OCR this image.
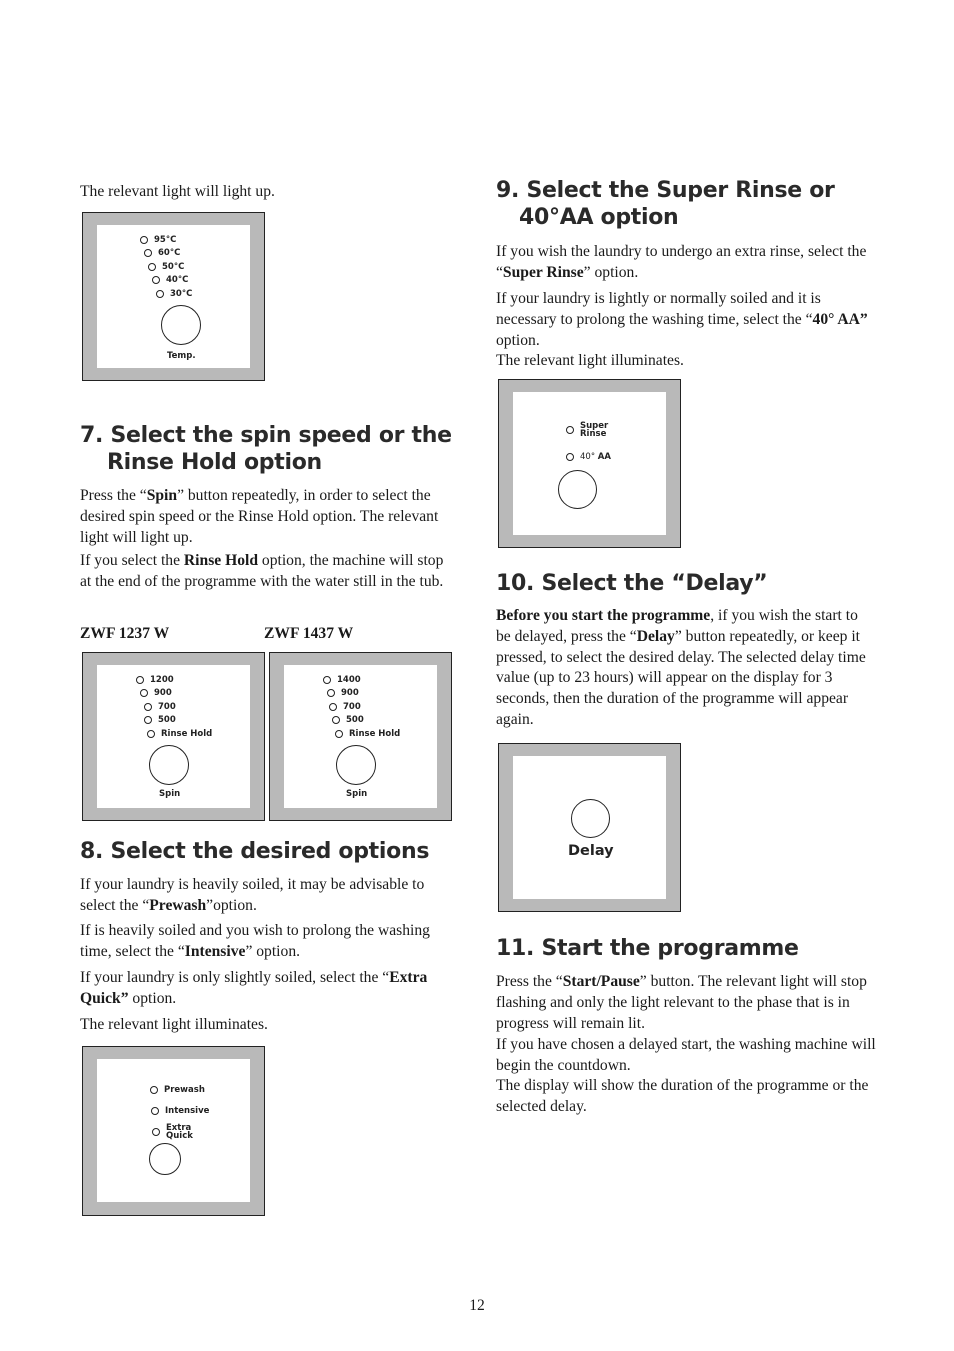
The relevant light will light up.

95°C
60°C
50°C
40°C
30°C
Temp.
7. Select the spin speed or the
Rinse Hold option

Press the “Spin” button repeatedly, in order to select the desired spin speed or the Rinse Hold option. The relevant light will light up.

If you select the Rinse Hold option, the machine will stop at the end of the programme with the water still in the tub.

ZWF 1237 W	ZWF 1437 W
1200
900
700
500
Rinse Hold
Spin
1400
900
700
500
Rinse Hold
Spin
8. Select the desired options

If your laundry is heavily soiled, it may be advisable to select the “Prewash”option.

If is heavily soiled and you wish to prolong the washing time, select the “Intensive” option.

If your laundry is only slightly soiled, select the “Extra Quick” option.

The relevant light illuminates.

Prewash
Intensive
Extra
Quick
9. Select the Super Rinse or
40°AA option

If you wish the laundry to undergo an extra rinse, select the “Super Rinse” option.

If your laundry is lightly or normally soiled and it is necessary to prolong the washing time, select the “40° AA” option.

The relevant light illuminates.

Super
Rinse
40°
AA
10. Select the “Delay”

Before you start the programme, if you wish the start to be delayed, press the “Delay” button repeatedly, or keep it pressed, to select the desired delay. The selected delay time value (up to 23 hours) will appear on the display for 3 seconds, then the duration of the programme will appear again.

Delay
11. Start the programme

Press the “Start/Pause” button. The relevant light will stop flashing and only the light relevant to the phase that is in progress will remain lit.

If you have chosen a delayed start, the washing machine will begin the countdown.

The display will show the duration of the programme or the selected delay.

12
